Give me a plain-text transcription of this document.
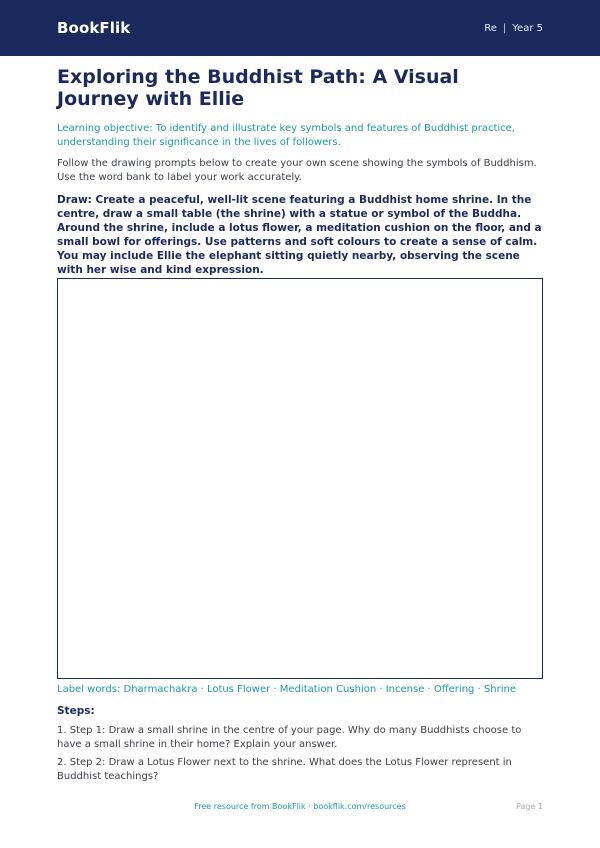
BookFlik	Re | Year 5
Exploring the Buddhist Path: A Visual Journey with Ellie

Learning objective: To identify and illustrate key symbols and features of Buddhist practice, understanding their significance in the lives of followers.

Follow the drawing prompts below to create your own scene showing the symbols of Buddhism. Use the word bank to label your work accurately.

Draw: Create a peaceful, well-lit scene featuring a Buddhist home shrine. In the centre, draw a small table (the shrine) with a statue or symbol of the Buddha. Around the shrine, include a lotus flower, a meditation cushion on the floor, and a small bowl for offerings. Use patterns and soft colours to create a sense of calm. You may include Ellie the elephant sitting quietly nearby, observing the scene with her wise and kind expression.

Label words: Dharmachakra · Lotus Flower · Meditation Cushion · Incense · Offering · Shrine

Steps:

1. Step 1: Draw a small shrine in the centre of your page. Why do many Buddhists choose to have a small shrine in their home? Explain your answer.

2. Step 2: Draw a Lotus Flower next to the shrine. What does the Lotus Flower represent in Buddhist teachings?

Free resource from BookFlik · bookflik.com/resources	Page 1
